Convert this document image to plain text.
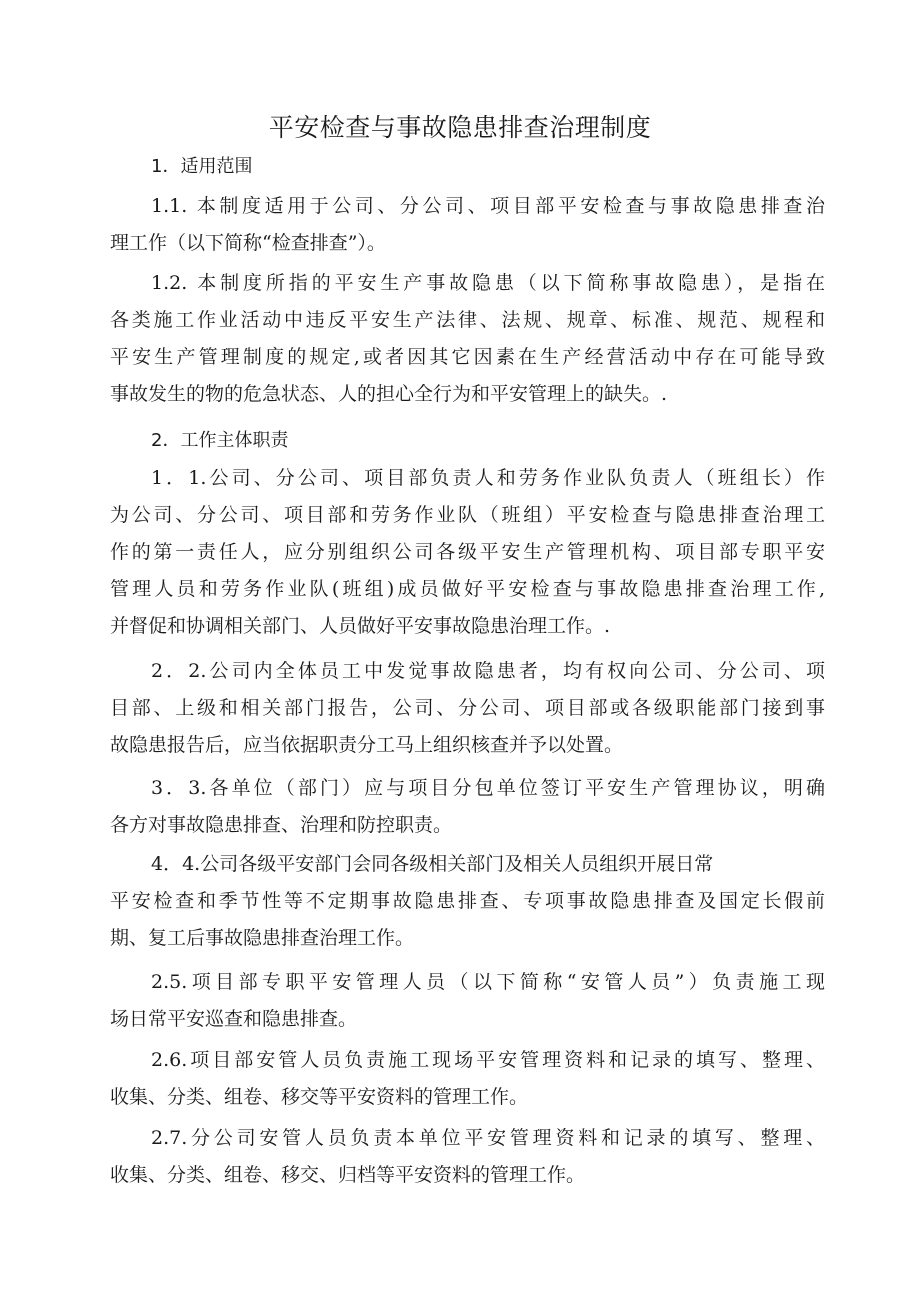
平安检查与事故隐患排查治理制度
1．适用范围
1.1. 本制度适用于公司、分公司、项目部平安检查与事故隐患排查治
理工作（以下简称“检查排查”）。
1.2. 本制度所指的平安生产事故隐患（以下简称事故隐患），是指在
各类施工作业活动中违反平安生产法律、法规、规章、标准、规范、规程和
平安生产管理制度的规定,或者因其它因素在生产经营活动中存在可能导致
事故发生的物的危急状态、人的担心全行为和平安管理上的缺失。.
2．工作主体职责
1．1.公司、分公司、项目部负责人和劳务作业队负责人（班组长）作
为公司、分公司、项目部和劳务作业队（班组）平安检查与隐患排查治理工
作的第一责任人，应分别组织公司各级平安生产管理机构、项目部专职平安
管理人员和劳务作业队(班组)成员做好平安检查与事故隐患排查治理工作,
并督促和协调相关部门、人员做好平安事故隐患治理工作。.
2．2.公司内全体员工中发觉事故隐患者，均有权向公司、分公司、项
目部、上级和相关部门报告，公司、分公司、项目部或各级职能部门接到事
故隐患报告后，应当依据职责分工马上组织核查并予以处置。
3．3.各单位（部门）应与项目分包单位签订平安生产管理协议，明确
各方对事故隐患排查、治理和防控职责。
4．4.公司各级平安部门会同各级相关部门及相关人员组织开展日常
平安检查和季节性等不定期事故隐患排查、专项事故隐患排查及国定长假前
期、复工后事故隐患排查治理工作。
2.5.项目部专职平安管理人员（以下简称“安管人员”）负责施工现
场日常平安巡查和隐患排查。
2.6.项目部安管人员负责施工现场平安管理资料和记录的填写、整理、
收集、分类、组卷、移交等平安资料的管理工作。
2.7.分公司安管人员负责本单位平安管理资料和记录的填写、整理、
收集、分类、组卷、移交、归档等平安资料的管理工作。
